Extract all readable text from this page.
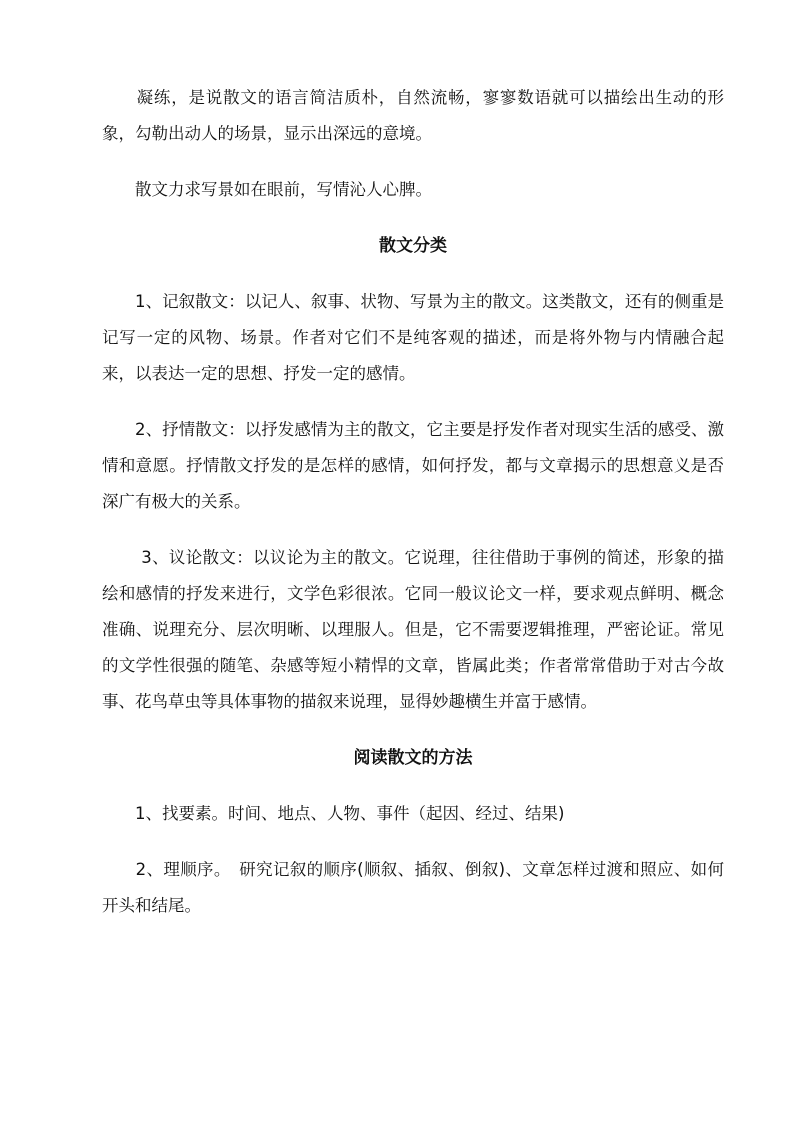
　　凝练，是说散文的语言简洁质朴，自然流畅，寥寥数语就可以描绘出生动的形象，勾勒出动人的场景，显示出深远的意境。

　　散文力求写景如在眼前，写情沁人心脾。

散文分类

　　1、记叙散文：以记人、叙事、状物、写景为主的散文。这类散文，还有的侧重是记写一定的风物、场景。作者对它们不是纯客观的描述，而是将外物与内情融合起来，以表达一定的思想、抒发一定的感情。

　　2、抒情散文：以抒发感情为主的散文，它主要是抒发作者对现实生活的感受、激情和意愿。抒情散文抒发的是怎样的感情，如何抒发，都与文章揭示的思想意义是否深广有极大的关系。

　　 3、议论散文：以议论为主的散文。它说理，往往借助于事例的简述，形象的描绘和感情的抒发来进行，文学色彩很浓。它同一般议论文一样，要求观点鲜明、概念准确、说理充分、层次明晰、以理服人。但是，它不需要逻辑推理，严密论证。常见的文学性很强的随笔、杂感等短小精悍的文章，皆属此类；作者常常借助于对古今故事、花鸟草虫等具体事物的描叙来说理，显得妙趣横生并富于感情。

阅读散文的方法

　　1、找要素。时间、地点、人物、事件（起因、经过、结果)

　　2、理顺序。　研究记叙的顺序(顺叙、插叙、倒叙)、文章怎样过渡和照应、如何开头和结尾。
